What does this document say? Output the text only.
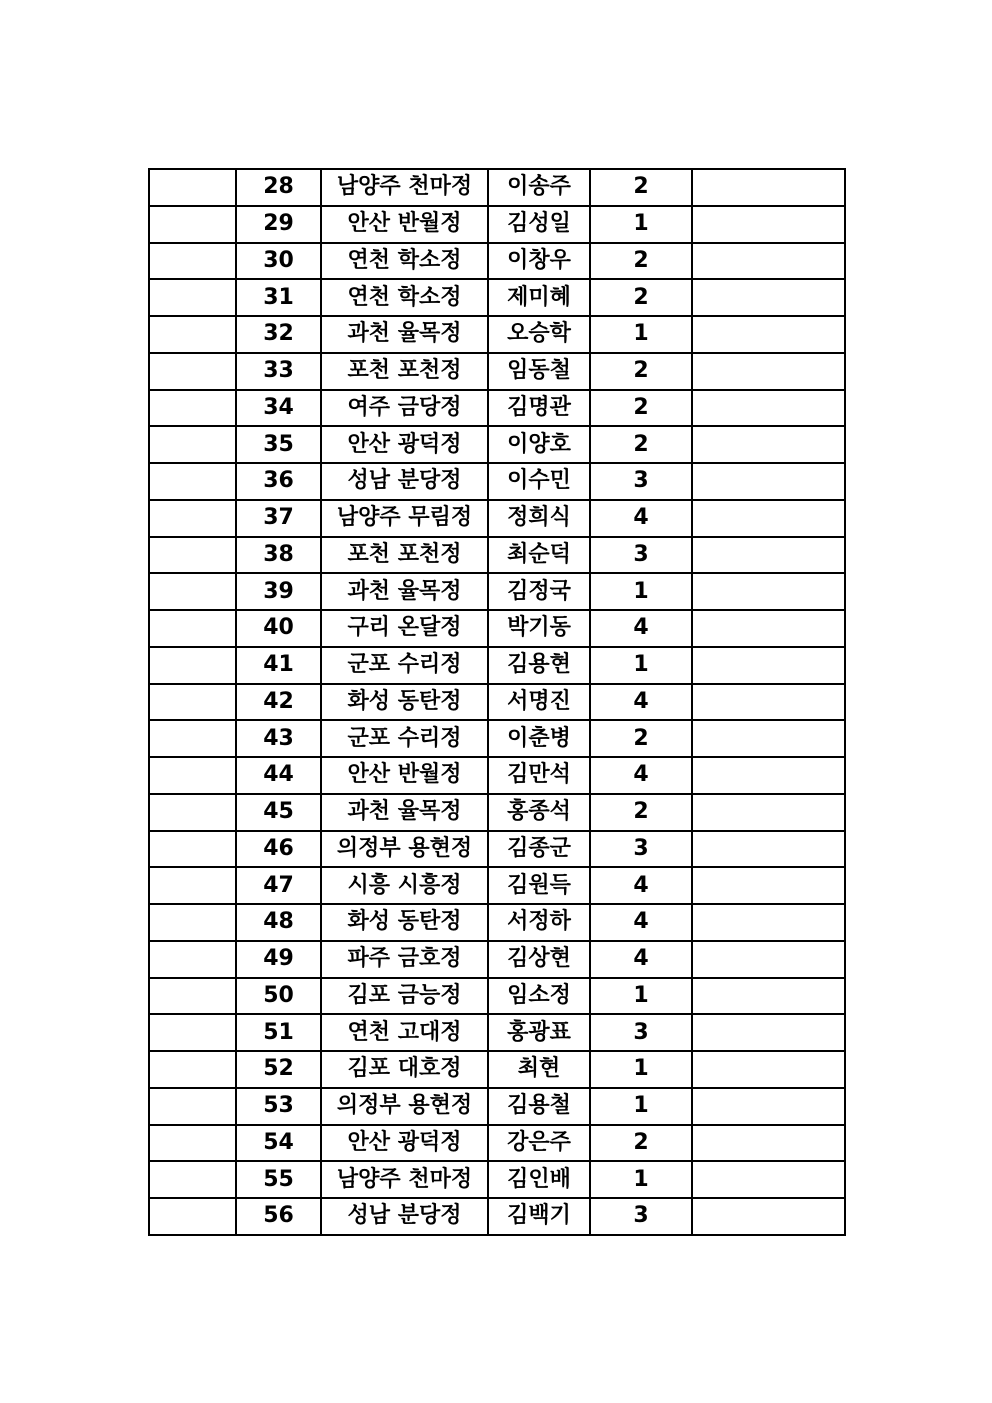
	28	남양주 천마정	이송주	2	
	29	안산 반월정	김성일	1	
	30	연천 학소정	이창우	2	
	31	연천 학소정	제미혜	2	
	32	과천 율목정	오승학	1	
	33	포천 포천정	임동철	2	
	34	여주 금당정	김명관	2	
	35	안산 광덕정	이양호	2	
	36	성남 분당정	이수민	3	
	37	남양주 무림정	정희식	4	
	38	포천 포천정	최순덕	3	
	39	과천 율목정	김정국	1	
	40	구리 온달정	박기동	4	
	41	군포 수리정	김용현	1	
	42	화성 동탄정	서명진	4	
	43	군포 수리정	이춘병	2	
	44	안산 반월정	김만석	4	
	45	과천 율목정	홍종석	2	
	46	의정부 용현정	김종군	3	
	47	시흥 시흥정	김원득	4	
	48	화성 동탄정	서정하	4	
	49	파주 금호정	김상현	4	
	50	김포 금능정	임소정	1	
	51	연천 고대정	홍광표	3	
	52	김포 대호정	최현	1	
	53	의정부 용현정	김용철	1	
	54	안산 광덕정	강은주	2	
	55	남양주 천마정	김인배	1	
	56	성남 분당정	김백기	3	
